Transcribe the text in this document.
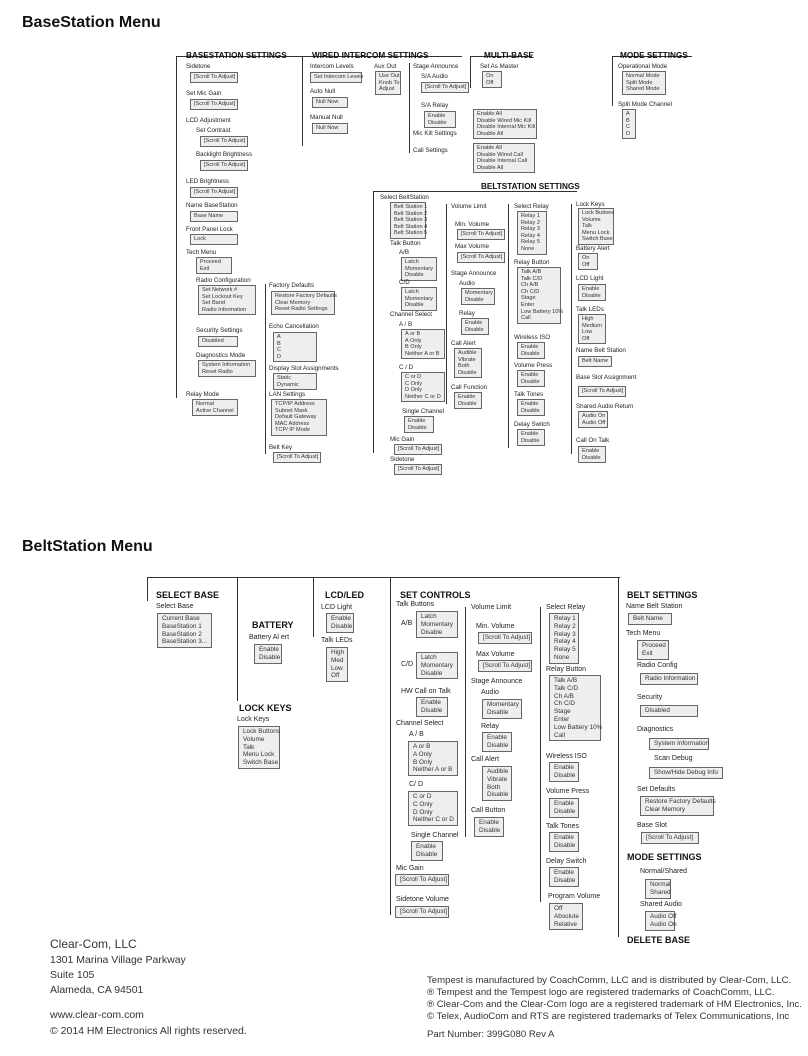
BaseStation Menu
BASESTATION SETTINGS
Sidetone
[Scroll To Adjust]
Set Mic Gain
[Scroll To Adjust]
LCD Adjustment
Set Contrast
[Scroll To Adjust]
Backlight Brightness
[Scroll To Adjust]
LED Brightness
[Scroll To Adjust]
Name BaseStation
Base Name
Front Panel Lock
Lock
Tech Menu
Proceed
Exit
Radio Configuration
Set Network #
Set Lockout Key
Set Band
Radio Information
Security Settings
Disabled
Diagnostics Mode
System Information
Reset Radio
Relay Mode
Normal
Active Channel
Factory Defaults
Restore Factory Defaults
Clear Memory
Reset Radio Settings
Echo Cancellation
A
B
C
D
Display Slot Assignments
Static
Dynamic
LAN Settings
TCP/IP Address
Subnet Mask
Default Gateway
MAC Address
TCP/ IP Mode
Belt Key
[Scroll To Adjust]
WIRED INTERCOM SETTINGS
Intercom Levels
Set Intercom Levels
Aux Out
Use Out
Knob To
Adjust
Auto Null
Null Now
Manual Null
Null Now
Stage Announce
S/A Audio
[Scroll To Adjust]
S/A Relay
Enable
Disable
Mic Kill Settings
Enable All
Disable Wired Mic Kill
Disable Internal Mic Kill
Disable All
Call Settings	Enable All
Disable Wired Call
Disable Internal Call
Disable All
MULTI-BASE
Set As Master
On
Off
MODE SETTINGS
Operational Mode
Normal Mode
Split Mode
Shared Mode
Split Mode Channel
A
B
C
D
BELTSTATION SETTINGS
Select BeltStation
Belt Station 1
Belt Station 2
Belt Station 3
Belt Station 4
Belt Station 5
Talk Button
A/B
Latch
Momentary
Disable
C/D
Latch
Momentary
Disable
Channel Select
A / B
A or B
A Only
B Only
Neither A or B
C / D
C or D
C Only
D Only
Neither C or D
Single Channel
Enable
Disable
Mic Gain
[Scroll To Adjust]
Sidetone
[Scroll To Adjust]
Volume Limit
Min. Volume
[Scroll To Adjust]
Max Volume
[Scroll To Adjust]
Stage Announce
Audio
Momentary
Disable
Relay
Enable
Disable
Call Alert
Audible
Vibrate
Both
Disable
Call Function
Enable
Disable
Select Relay
Relay 1
Relay 2
Relay 3
Relay 4
Relay 5
None
Relay Button
Talk A/B
Talk C/D
Ch A/B
Ch C/D
Stage
Enter
Low Battery 10%
Call
Wireless ISO
Enable
Disable
Volume Press
Enable
Disable
Talk Tones
Enable
Disable
Delay Switch
Enable
Disable
Lock Keys
Lock Buttons
Volume
Talk
Menu Lock
Switch Base
Battery Alert
On
Off
LCD Light
Enable
Disable
Talk LEDs
High
Medium
Low
Off
Name Belt Station
Belt Name
Base Slot Assignment
[Scroll To Adjust]
Shared Audio Return
Audio On
Audio Off
Call On Talk
Enable
Disable
BeltStation Menu
SELECT BASE
Select Base
Current Base
BaseStation 1
BaseStation 2
BaseStation 3...
BATTERY
Battery Al ert
Enable
Disable
LOCK KEYS
Lock Keys
Lock Buttons
Volume
Talk
Menu Lock
Switch Base
LCD/LED
LCD Light
Enable
Disable
Talk LEDs
High
Med
Low
Off
SET CONTROLS
Talk Buttons
A/B
Latch
Momentary
Disable
C/D
Latch
Momentary
Disable
HW Call on Talk
Enable
Disable
Channel Select
A / B
A or B
A Only
B Only
Neither A or B
C/ D
C or D
C Only
D Only
Neither C or D
Single Channel
Enable
Disable
Mic Gain
[Scroll To Adjust]
Sidetone Volume
[Scroll To Adjust]
Volume Limit
Min. Volume
[Scroll To Adjust]
Max Volume
[Scroll To Adjust]
Stage Announce
Audio
Momentary
Disable
Relay
Enable
Disable
Call Alert
Audible
Vibrate
Both
Disable
Call Button
Enable
Disable
Select Relay
Relay 1
Relay 2
Relay 3
Relay 4
Relay 5
None
Relay Button
Talk A/B
Talk C/D
Ch A/B
Ch C/D
Stage
Enter
Low Battery 10%
Call
Wireless ISO
Enable
Disable
Volume Press
Enable
Disable
Talk Tones
Enable
Disable
Delay Switch
Enable
Disable
Program Volume
Off
Absolute
Relative
BELT SETTINGS
Name Belt Station
Belt Name
Tech Menu
Proceed
Exit
Radio Config
Radio Information
Security
Disabled
Diagnostics
System Information
Scan Debug
Show/Hide Debug Info
Set Defaults
Restore Factory Defaults
Clear Memory
Base Slot
[Scroll To Adjust]
MODE SETTINGS
Normal/Shared
Normal
Shared
Shared Audio
Audio Off
Audio On
DELETE BASE
Clear-Com, LLC
1301 Marina Village Parkway
Suite 105
Alameda, CA 94501
www.clear-com.com
© 2014 HM Electronics All rights reserved.
Tempest is manufactured by CoachComm, LLC and is distributed by Clear-Com, LLC.
® Tempest and the Tempest logo are registered trademarks of CoachComm, LLC.
® Clear-Com and the Clear-Com logo are a registered trademark of HM Electronics, Inc.
© Telex, AudioCom and RTS are registered trademarks of Telex Communications, Inc
Part Number: 399G080 Rev A
